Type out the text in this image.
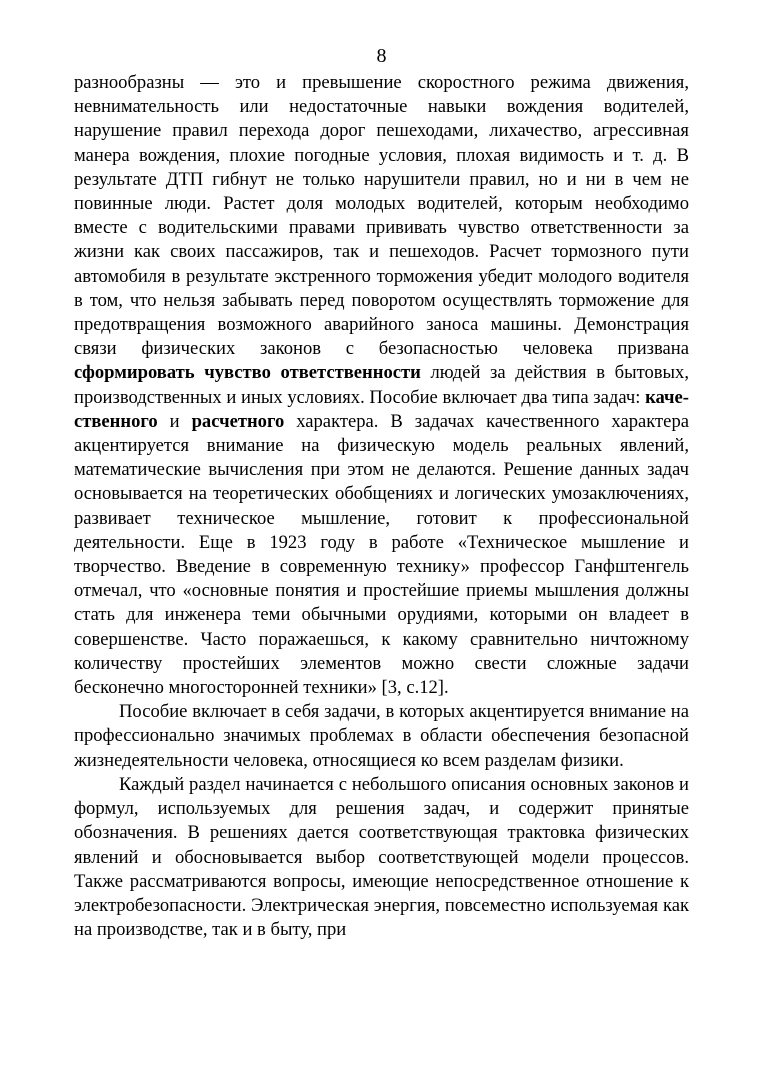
8

разнообразны — это и превышение скоростного режима движения, невнимательность или недостаточные навыки вождения водителей, нарушение правил перехода дорог пешеходами, лихачество, агрессивная манера вождения, плохие погодные условия, плохая видимость и т. д. В результате ДТП гибнут не только нарушители правил, но и ни в чем не повинные люди. Растет доля молодых водителей, которым необходимо вместе с водительскими правами прививать чувство ответственности за жизни как своих пассажиров, так и пешеходов. Расчет тормозного пути автомобиля в результате экстренного торможения убедит молодого водителя в том, что нельзя забывать перед поворотом осуществлять торможение для предотвращения возможного аварийного заноса машины. Демонстрация связи физических законов с безопасностью человека призвана сформировать чувство ответственности людей за действия в бытовых, производственных и иных условиях. Пособие включает два типа задач: качественного и расчетного характера. В задачах качественного характера акцентируется внимание на физическую модель реальных явлений, математические вычисления при этом не делаются. Решение данных задач основывается на теоретических обобщениях и логических умозаключениях, развивает техническое мышление, готовит к профессиональной деятельности. Еще в 1923 году в работе «Техническое мышление и творчество. Введение в современную технику» профессор Ганфштенгель отмечал, что «основные понятия и простейшие приемы мышления должны стать для инженера теми обычными орудиями, которыми он владеет в совершенстве. Часто поражаешься, к какому сравнительно ничтожному количеству простейших элементов можно свести сложные задачи бесконечно многосторонней техники» [3, с.12].

Пособие включает в себя задачи, в которых акцентируется внимание на профессионально значимых проблемах в области обеспечения безопасной жизнедеятельности человека, относящиеся ко всем разделам физики.

Каждый раздел начинается с небольшого описания основных законов и формул, используемых для решения задач, и содержит принятые обозначения. В решениях дается соответствующая трактовка физических явлений и обосновывается выбор соответствующей модели процессов. Также рассматриваются вопросы, имеющие непосредственное отношение к электробезопасности. Электрическая энергия, повсеместно используемая как на производстве, так и в быту, при
